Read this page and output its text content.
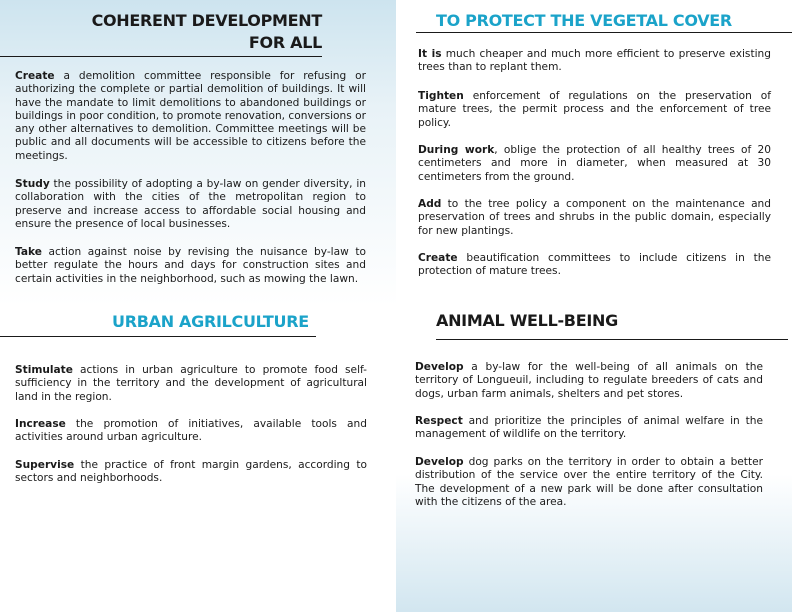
COHERENT DEVELOPMENT
FOR ALL

Create a demolition committee responsible for refusing or authorizing the complete or partial demolition of buildings. It will have the mandate to limit demolitions to abandoned buildings or buildings in poor condition, to promote renovation, conversions or any other alternatives to demolition. Committee meetings will be public and all documents will be accessible to citizens before the meetings.

Study the possibility of adopting a by-law on gender diversity, in collaboration with the cities of the metropolitan region to preserve and increase access to affordable social housing and ensure the presence of local businesses.

Take action against noise by revising the nuisance by-law to better regulate the hours and days for construction sites and certain activities in the neighborhood, such as mowing the lawn.

TO PROTECT THE VEGETAL COVER

It is much cheaper and much more efficient to preserve existing trees than to replant them.

Tighten enforcement of regulations on the preservation of mature trees, the permit process and the enforcement of tree policy.

During work, oblige the protection of all healthy trees of 20 centimeters and more in diameter, when measured at 30 centimeters from the ground.

Add to the tree policy a component on the maintenance and preservation of trees and shrubs in the public domain, especially for new plantings.

Create beautification committees to include citizens in the protection of mature trees.

URBAN AGRILCULTURE

Stimulate actions in urban agriculture to promote food self-sufficiency in the territory and the development of agricultural land in the region.

Increase the promotion of initiatives, available tools and activities around urban agriculture.

Supervise the practice of front margin gardens, according to sectors and neighborhoods.

ANIMAL WELL-BEING

Develop a by-law for the well-being of all animals on the territory of Longueuil, including to regulate breeders of cats and dogs, urban farm animals, shelters and pet stores.

Respect and prioritize the principles of animal welfare in the management of wildlife on the territory.

Develop dog parks on the territory in order to obtain a better distribution of the service over the entire territory of the City. The development of a new park will be done after consultation with the citizens of the area.
